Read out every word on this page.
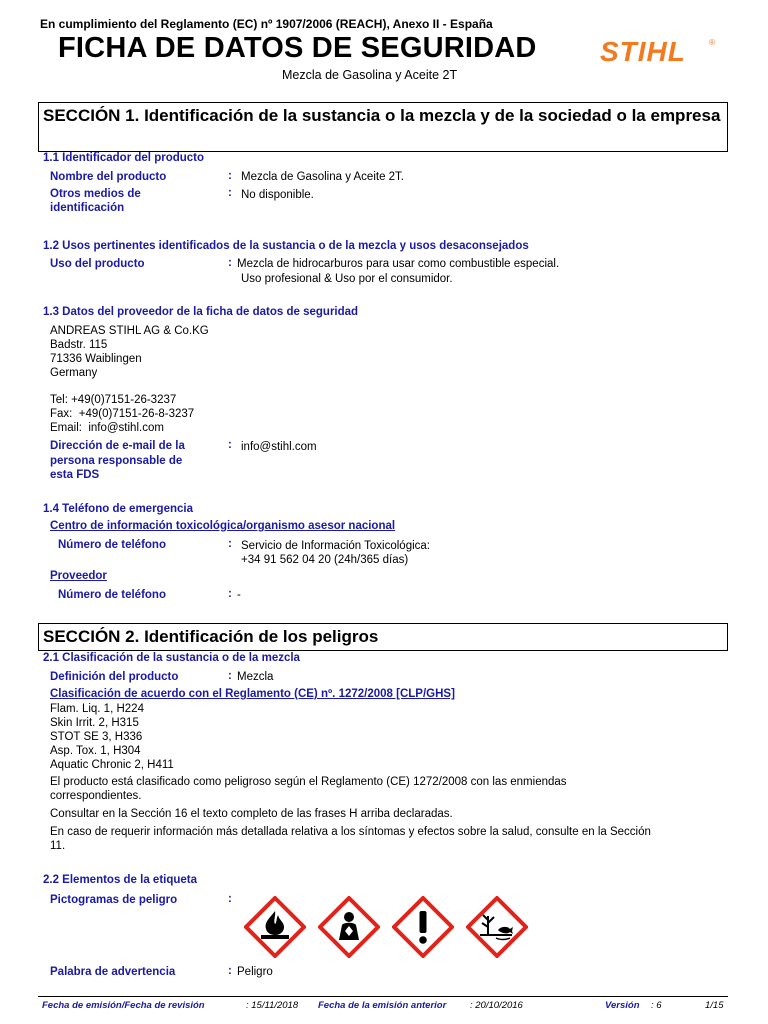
En cumplimiento del Reglamento (EC) nº 1907/2006 (REACH), Anexo II - España
FICHA DE DATOS DE SEGURIDAD
Mezcla de Gasolina y Aceite 2T
STIHL	®
SECCIÓN 1. Identificación de la sustancia o la mezcla y de la sociedad o la empresa
1.1 Identificador del producto
Nombre del producto	: Mezcla de Gasolina y Aceite 2T.
Otros medios de
identificación
: No disponible.
1.2 Usos pertinentes identificados de la sustancia o de la mezcla y usos desaconsejados
Uso del producto	: Mezcla de hidrocarburos para usar como combustible especial.
Uso profesional & Uso por el consumidor.
1.3 Datos del proveedor de la ficha de datos de seguridad
ANDREAS STIHL AG & Co.KG
Badstr. 115
71336 Waiblingen
Germany
Tel: +49(0)7151-26-3237
Fax:  +49(0)7151-26-8-3237
Email:  info@stihl.com
Dirección de e-mail de la
persona responsable de
esta FDS
: info@stihl.com
1.4 Teléfono de emergencia
Centro de información toxicológica/organismo asesor nacional
Número de teléfono	: Servicio de Información Toxicológica:
+34 91 562 04 20 (24h/365 días)
Proveedor
Número de teléfono	: -
SECCIÓN 2. Identificación de los peligros
2.1 Clasificación de la sustancia o de la mezcla
Definición del producto	: Mezcla
Clasificación de acuerdo con el Reglamento (CE) nº. 1272/2008 [CLP/GHS]
Flam. Liq. 1, H224
Skin Irrit. 2, H315
STOT SE 3, H336
Asp. Tox. 1, H304
Aquatic Chronic 2, H411
El producto está clasificado como peligroso según el Reglamento (CE) 1272/2008 con las enmiendas
correspondientes.
Consultar en la Sección 16 el texto completo de las frases H arriba declaradas.
En caso de requerir información más detallada relativa a los síntomas y efectos sobre la salud, consulte en la Sección
11.
2.2 Elementos de la etiqueta
Pictogramas de peligro	:
Palabra de advertencia	: Peligro
Fecha de emisión/Fecha de revisión	: 15/11/2018 Fecha de la emisión anterior : 20/10/2016	Versión : 6	1/15
